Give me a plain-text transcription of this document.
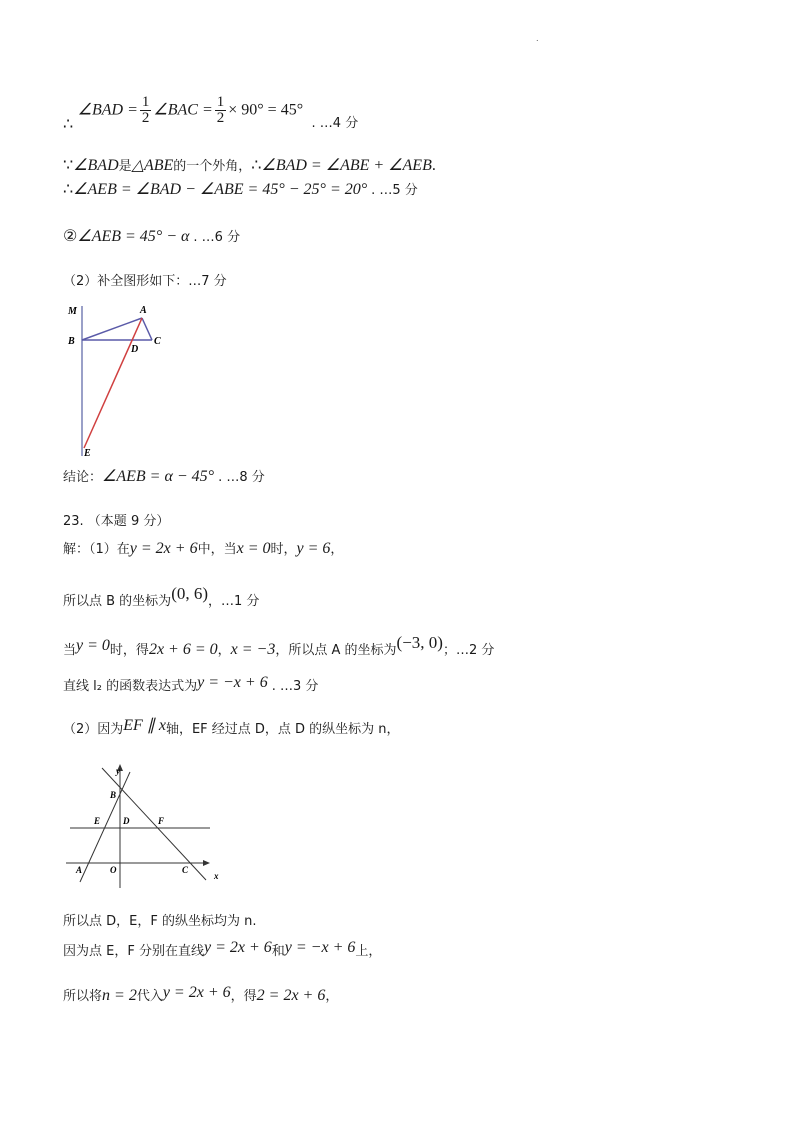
.
∴ ∠BAD = $\frac{1}{2}$ ∠BAC = $\frac{1}{2} \times 90^\circ = 45^\circ$ . …4 分
∵∠BAD是△ABE的一个外角，∴∠BAD = ∠ABE + ∠AEB.
∴∠AEB = ∠BAD − ∠ABE = 45° − 25° = 20° . …5 分
②∠AEB = 45° − α . …6 分
（2）补全图形如下：…7 分
M	A
B
D
C
E
结论：∠AEB = α − 45° . …8 分
23. （本题 9 分）
解：（1）在y = 2x + 6中，当x = 0时，y = 6，
所以点 B 的坐标为(0, 6)，…1 分
当y = 0时，得2x + 6 = 0，x = −3，所以点 A 的坐标为(−3, 0)；…2 分
直线 l₂ 的函数表达式为y = −x + 6 . …3 分
（2）因为EF ∥ x轴，EF 经过点 D，点 D 的纵坐标为 n，
y
B
E	D	F
A	O	C
x
所以点 D，E，F 的纵坐标均为 n.
因为点 E，F 分别在直线y = 2x + 6和y = −x + 6上，
所以将n = 2代入y = 2x + 6，得2 = 2x + 6，
